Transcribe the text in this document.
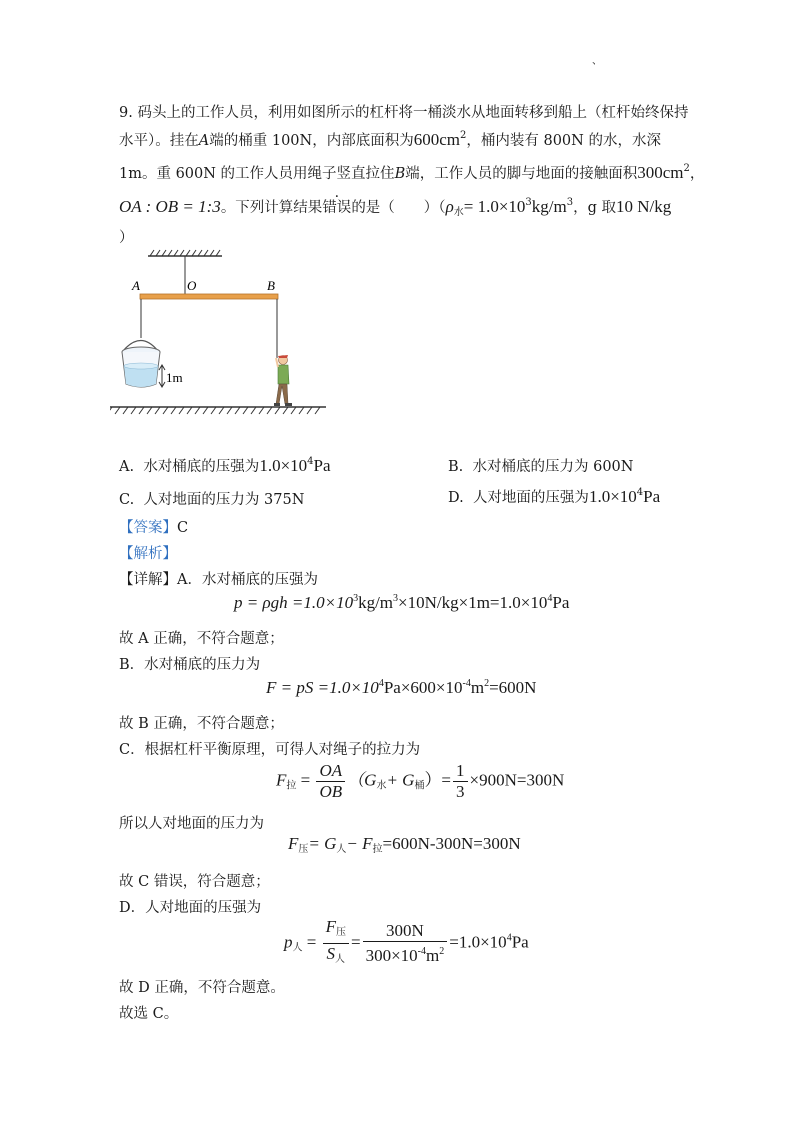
、
9. 码头上的工作人员，利用如图所示的杠杆将一桶淡水从地面转移到船上（杠杆始终保持
水平）。挂在A端的桶重 100N，内部底面积为$600cm^2$，桶内装有 800N 的水，水深
1m。重 600N 的工作人员用绳子竖直拉住B端，工作人员的脚与地面的接触面积$300cm^2$，
OA : OB = 1:3。下列计算结果错误的是（　　）（$\rho_水= 1.0\times 10^3kg/m^3$，g 取10 N/kg
）
A	O	B
1m
A. 水对桶底的压强为$1.0\times 10^4Pa$	B. 水对桶底的压力为 600N
C. 人对地面的压力为 375N	D. 人对地面的压强为$1.0\times 10^4Pa$
【答案】C
【解析】
【详解】A．水对桶底的压强为
$p = \rho gh =1.0\times 10^3kg/m^3\times 10N/kg\times 1m=1.0\times 10^4Pa$
故 A 正确，不符合题意；
B．水对桶底的压力为
F = pS $=1.0\times 10^4Pa\times 600\times 10^{-4}m^2=600N$
故 B 正确，不符合题意；
C．根据杠杆平衡原理，可得人对绳子的拉力为
$F_拉 = \frac{OA}{OB} (G_水+ G_桶)= \frac{1}{3} \times 900N=300N$
所以人对地面的压力为
$F_压= G_人- F_拉=600N-300N=300N$
故 C 错误，符合题意；
D．人对地面的压强为
$p_人 = \frac{F_压}{S_人} = \frac{300N}{300\times 10^{-4}m^2} =1.0\times 10^4Pa$
故 D 正确，不符合题意。
故选 C。
